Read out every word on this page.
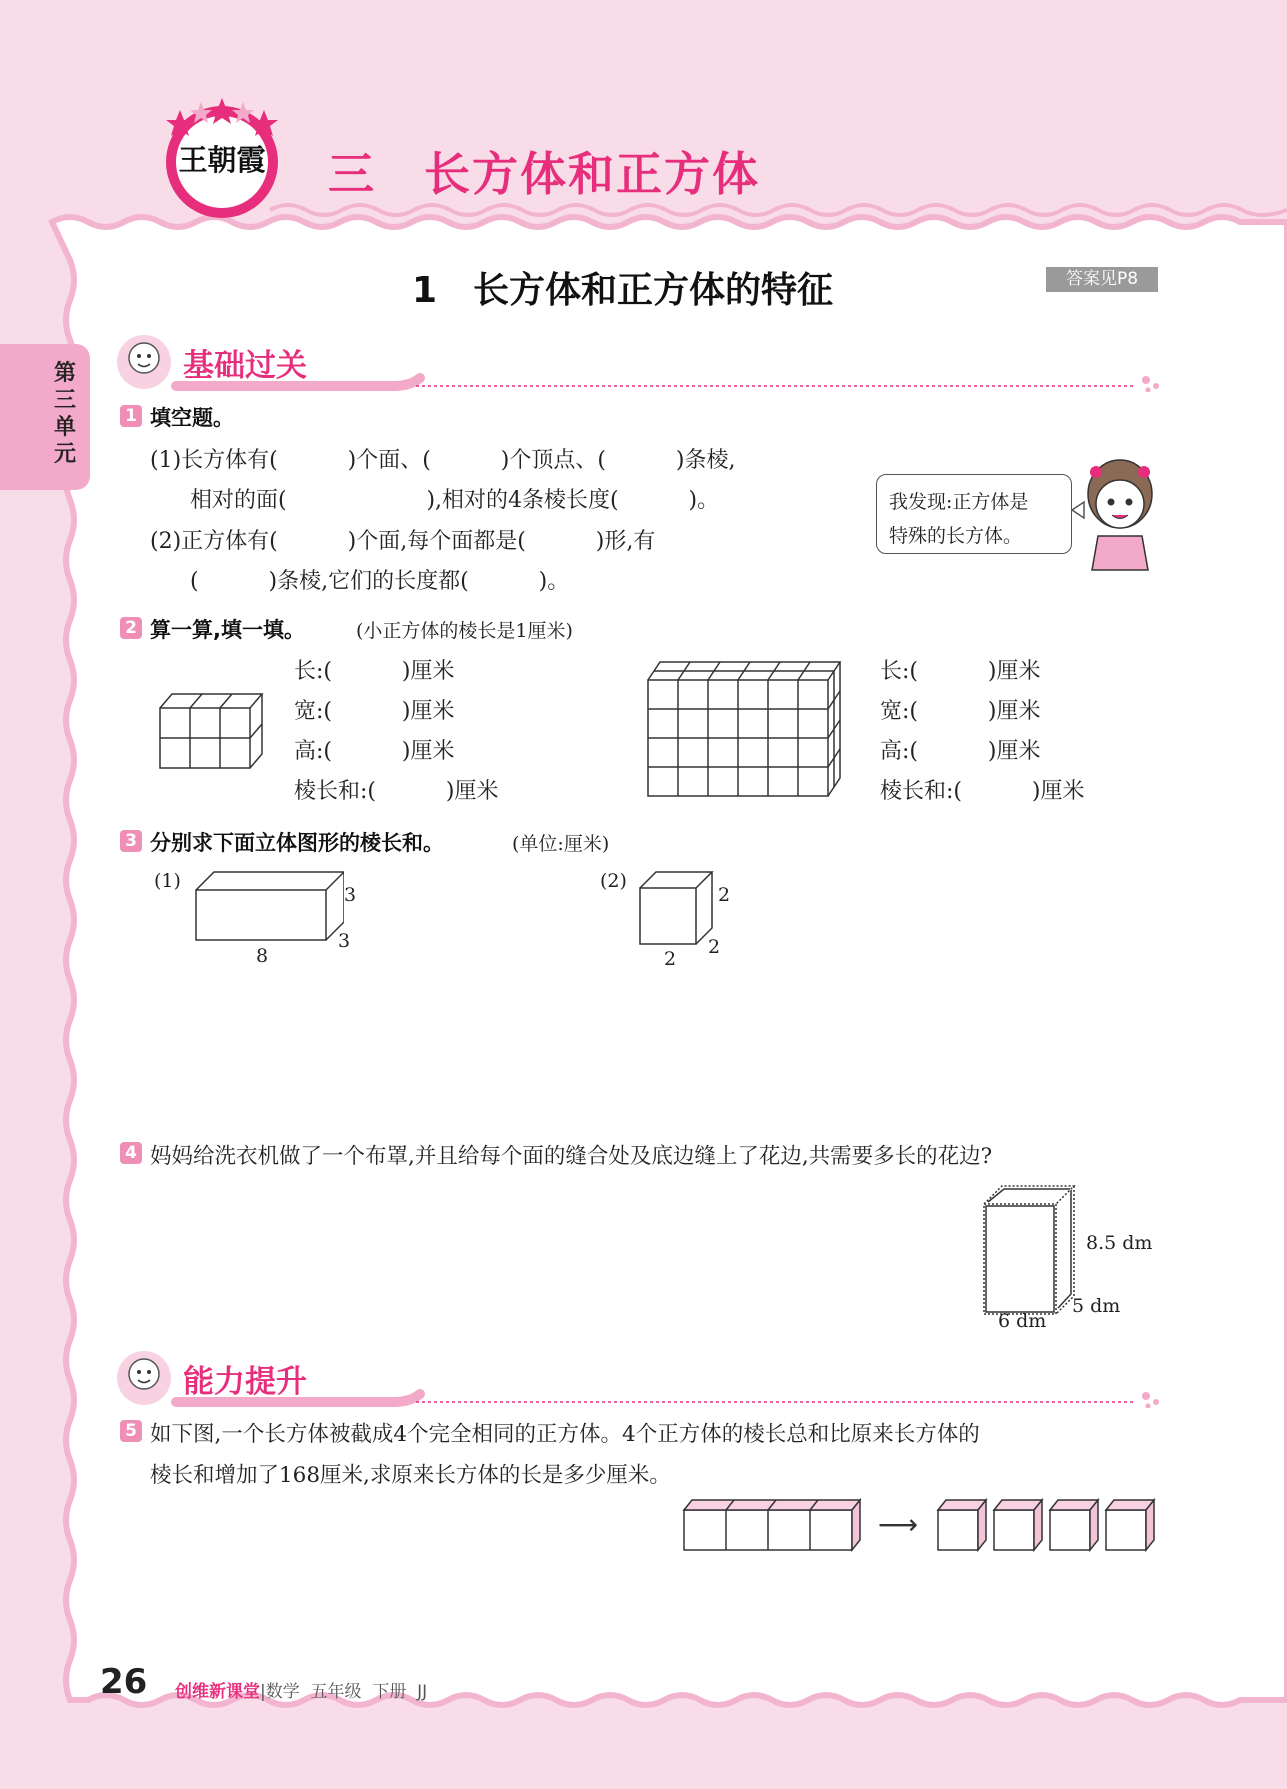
王朝霞 三　长方体和正方体
第三单元
1　长方体和正方体的特征	答案见P8
基础过关
1 填空题。
(1)长方体有(          )个面、(          )个顶点、(          )条棱,
相对的面(                    ),相对的4条棱长度(          )。
(2)正方体有(          )个面,每个面都是(          )形,有
(          )条棱,它们的长度都(          )。
我发现:正方体是
特殊的长方体。
2 算一算,填一填。	(小正方体的棱长是1厘米)
长:(          )厘米
宽:(          )厘米
高:(          )厘米
棱长和:(          )厘米
长:(          )厘米
宽:(          )厘米
高:(          )厘米
棱长和:(          )厘米
3 分别求下面立体图形的棱长和。	(单位:厘米)
(1)
3
3
8
(2)
2
2
2
4 妈妈给洗衣机做了一个布罩,并且给每个面的缝合处及底边缝上了花边,共需要多长的花边?
8.5 dm
5 dm
6 dm
能力提升
5 如下图,一个长方体被截成4个完全相同的正方体。4个正方体的棱长总和比原来长方体的
棱长和增加了168厘米,求原来长方体的长是多少厘米。
⟶
26 创维新课堂|数学  五年级  下册  JJ
